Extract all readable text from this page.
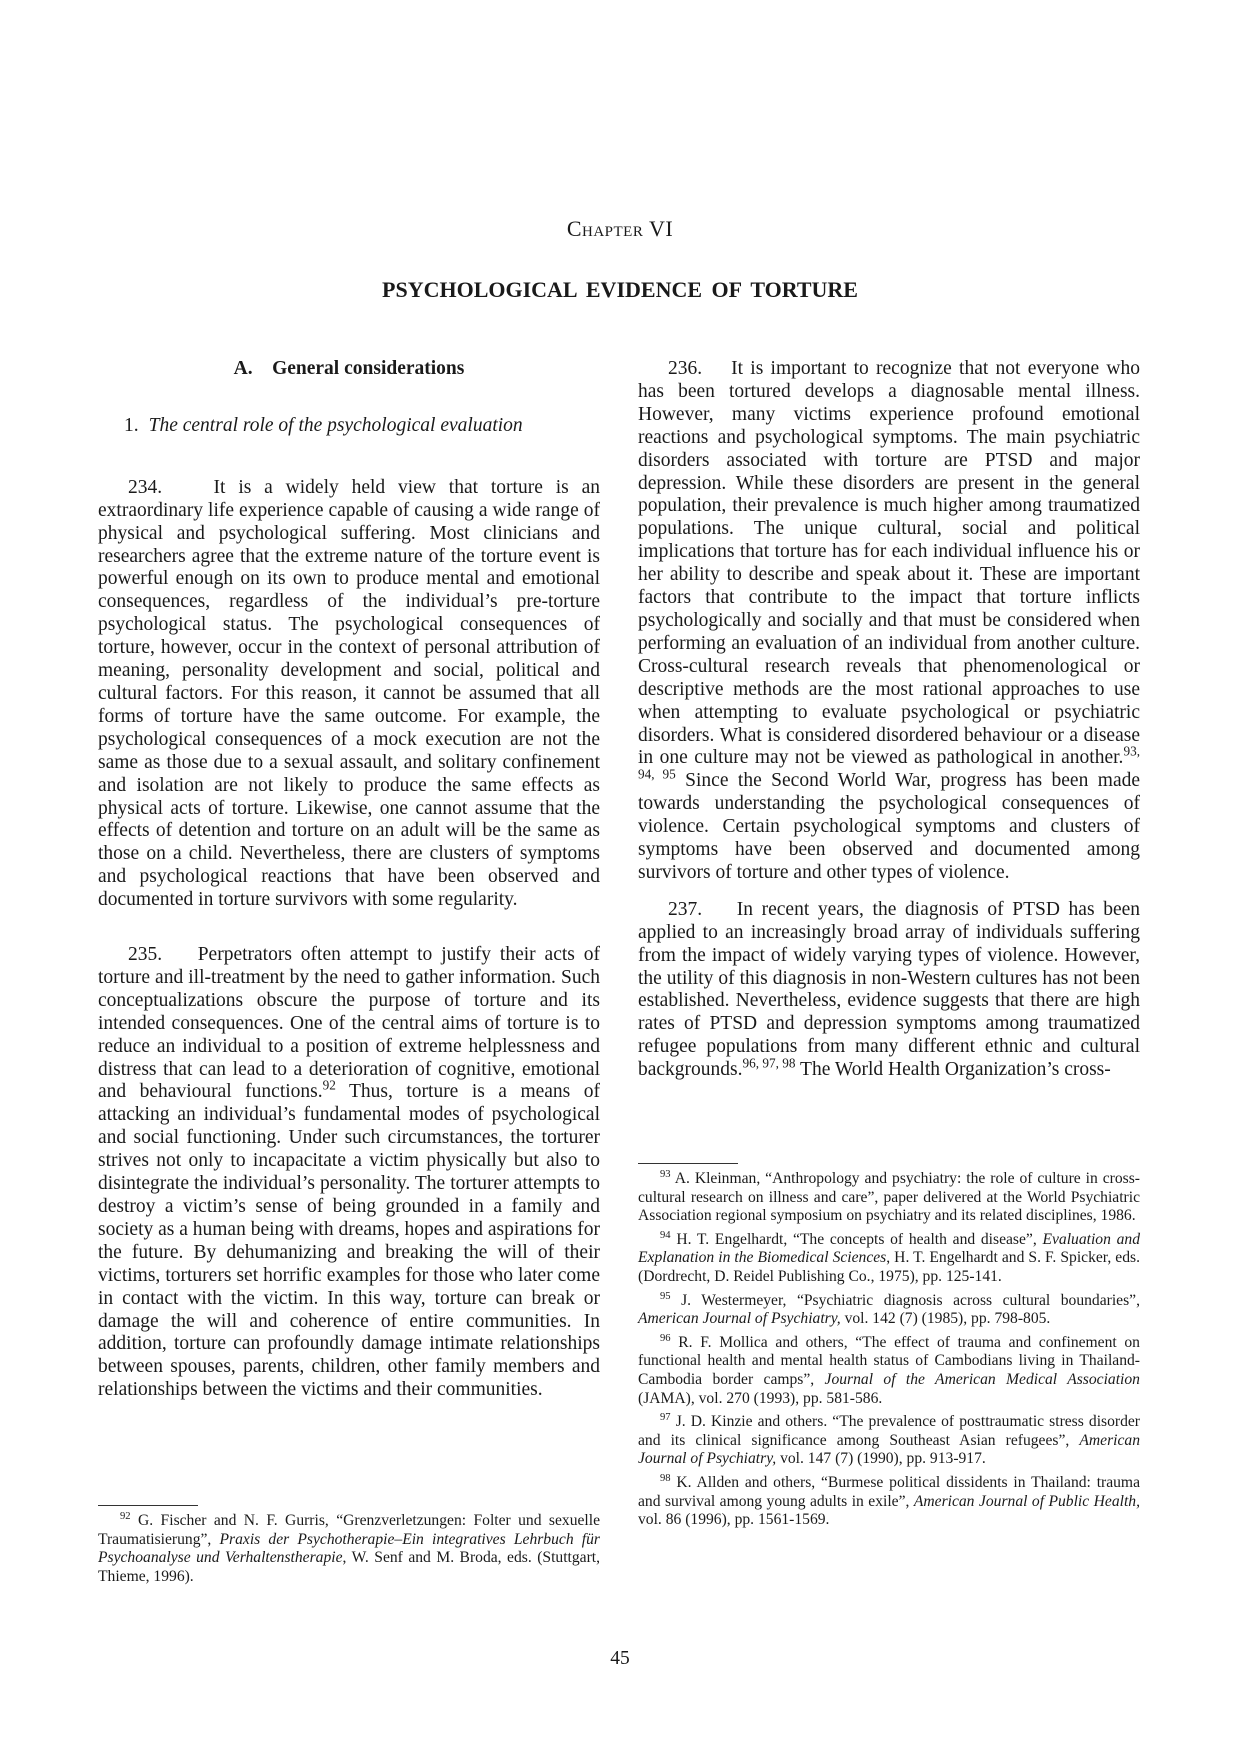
Chapter VI
PSYCHOLOGICAL EVIDENCE OF TORTURE
A. General considerations
1. The central role of the psychological evaluation

234.	It is a widely held view that torture is an extraordinary life experience capable of causing a wide range of physical and psychological suffering. Most clinicians and researchers agree that the extreme nature of the torture event is powerful enough on its own to produce mental and emotional consequences, regardless of the individual’s pre-torture psychological status. The psychological consequences of torture, however, occur in the context of personal attribution of meaning, personality development and social, political and cultural factors. For this reason, it cannot be assumed that all forms of torture have the same outcome. For example, the psychological consequences of a mock execution are not the same as those due to a sexual assault, and solitary confinement and isolation are not likely to produce the same effects as physical acts of torture. Likewise, one cannot assume that the effects of detention and torture on an adult will be the same as those on a child. Nevertheless, there are clusters of symptoms and psychological reactions that have been observed and documented in torture survivors with some regularity.

235. Perpetrators often attempt to justify their acts of torture and ill-treatment by the need to gather information. Such conceptualizations obscure the purpose of torture and its intended consequences. One of the central aims of torture is to reduce an individual to a position of extreme helplessness and distress that can lead to a deterioration of cognitive, emotional and behavioural functions.$^{92}$ Thus, torture is a means of attacking an individual’s fundamental modes of psychological and social functioning. Under such circumstances, the torturer strives not only to incapacitate a victim physically but also to disintegrate the individual’s personality. The torturer attempts to destroy a victim’s sense of being grounded in a family and society as a human being with dreams, hopes and aspirations for the future. By dehumanizing and breaking the will of their victims, torturers set horrific examples for those who later come in contact with the victim. In this way, torture can break or damage the will and coherence of entire communities. In addition, torture can profoundly damage intimate relationships between spouses, parents, children, other family members and relationships between the victims and their communities.

236. It is important to recognize that not everyone who has been tortured develops a diagnosable mental illness. However, many victims experience profound emotional reactions and psychological symptoms. The main psychiatric disorders associated with torture are PTSD and major depression. While these disorders are present in the general population, their prevalence is much higher among traumatized populations. The unique cultural, social and political implications that torture has for each individual influence his or her ability to describe and speak about it. These are important factors that contribute to the impact that torture inflicts psychologically and socially and that must be considered when performing an evaluation of an individual from another culture. Cross-cultural research reveals that phenomenological or descriptive methods are the most rational approaches to use when attempting to evaluate psychological or psychiatric disorders. What is considered disordered behaviour or a disease in one culture may not be viewed as pathological in another.$^{93, 94, 95}$ Since the Second World War, progress has been made towards understanding the psychological consequences of violence. Certain psychological symptoms and clusters of symptoms have been observed and documented among survivors of torture and other types of violence.

237. In recent years, the diagnosis of PTSD has been applied to an increasingly broad array of individuals suffering from the impact of widely varying types of violence. However, the utility of this diagnosis in non-Western cultures has not been established. Nevertheless, evidence suggests that there are high rates of PTSD and depression symptoms among traumatized refugee populations from many different ethnic and cultural backgrounds.$^{96, 97, 98}$ The World Health Organization’s cross-

$^{93}$ A. Kleinman, “Anthropology and psychiatry: the role of culture in cross-cultural research on illness and care”, paper delivered at the World Psychiatric Association regional symposium on psychiatry and its related disciplines, 1986.
$^{94}$ H. T. Engelhardt, “The concepts of health and disease”, Evaluation and Explanation in the Biomedical Sciences, H. T. Engelhardt and S. F. Spicker, eds. (Dordrecht, D. Reidel Publishing Co., 1975), pp. 125-141.
$^{95}$ J. Westermeyer, “Psychiatric diagnosis across cultural boundaries”, American Journal of Psychiatry, vol. 142 (7) (1985), pp. 798-805.
$^{96}$ R. F. Mollica and others, “The effect of trauma and confinement on functional health and mental health status of Cambodians living in Thailand-Cambodia border camps”, Journal of the American Medical Association (JAMA), vol. 270 (1993), pp. 581-586.
$^{97}$ J. D. Kinzie and others. “The prevalence of posttraumatic stress disorder and its clinical significance among Southeast Asian refugees”, American Journal of Psychiatry, vol. 147 (7) (1990), pp. 913-917.
$^{98}$ K. Allden and others, “Burmese political dissidents in Thailand: trauma and survival among young adults in exile”, American Journal of Public Health, vol. 86 (1996), pp. 1561-1569.
$^{92}$ G. Fischer and N. F. Gurris, “Grenzverletzungen: Folter und sexuelle Traumatisierung”, Praxis der Psychotherapie–Ein integratives Lehrbuch für Psychoanalyse und Verhaltenstherapie, W. Senf and M. Broda, eds. (Stuttgart, Thieme, 1996).
45
